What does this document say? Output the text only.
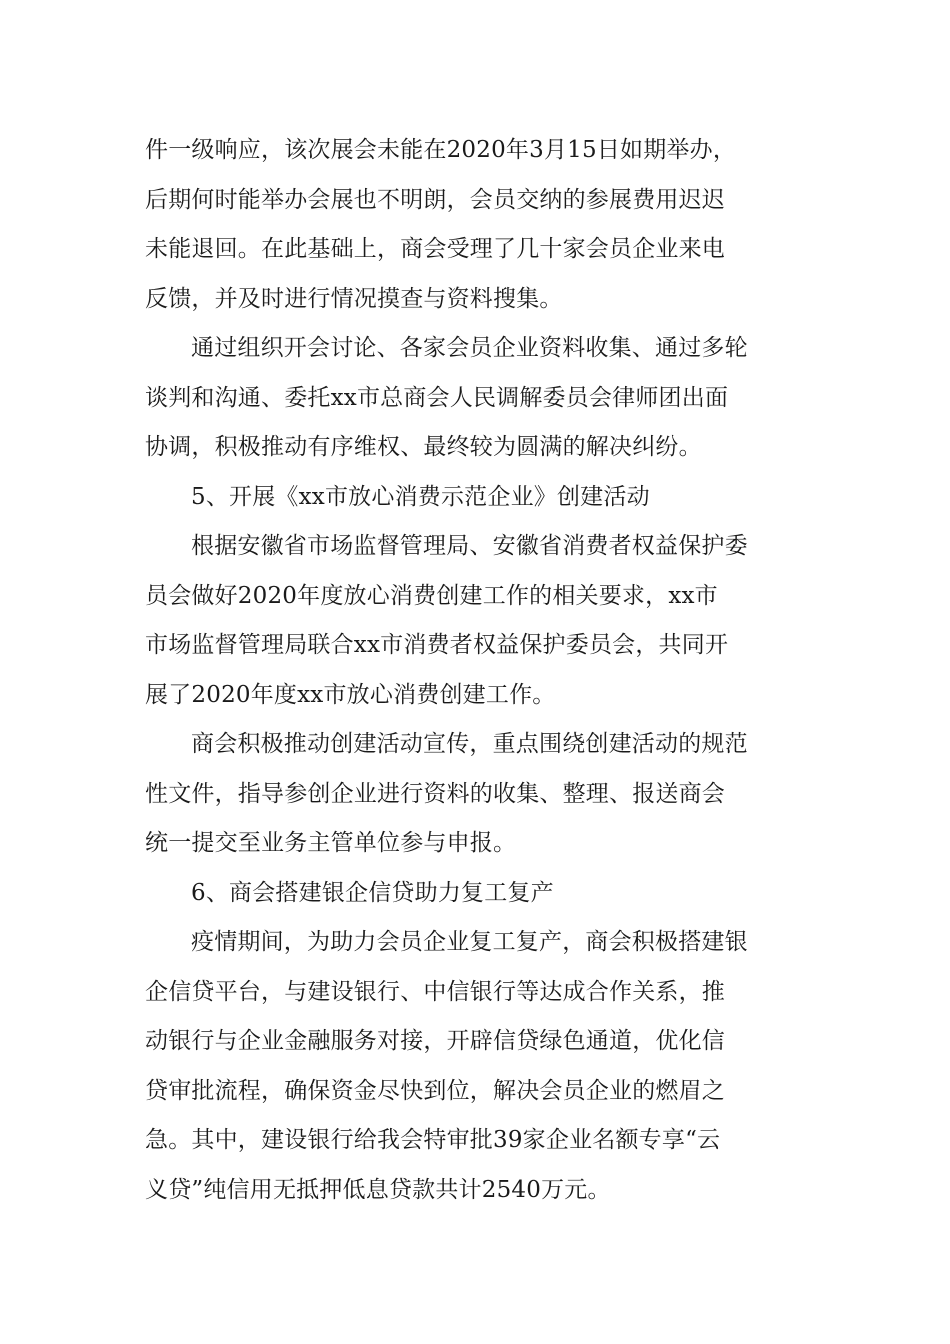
件一级响应，该次展会未能在2020年3月15日如期举办，
后期何时能举办会展也不明朗，会员交纳的参展费用迟迟
未能退回。在此基础上，商会受理了几十家会员企业来电
反馈，并及时进行情况摸查与资料搜集。
通过组织开会讨论、各家会员企业资料收集、通过多轮
谈判和沟通、委托xx市总商会人民调解委员会律师团出面
协调，积极推动有序维权、最终较为圆满的解决纠纷。
5、开展《xx市放心消费示范企业》创建活动
根据安徽省市场监督管理局、安徽省消费者权益保护委
员会做好2020年度放心消费创建工作的相关要求，xx市
市场监督管理局联合xx市消费者权益保护委员会，共同开
展了2020年度xx市放心消费创建工作。
商会积极推动创建活动宣传，重点围绕创建活动的规范
性文件，指导参创企业进行资料的收集、整理、报送商会
统一提交至业务主管单位参与申报。
6、商会搭建银企信贷助力复工复产
疫情期间，为助力会员企业复工复产，商会积极搭建银
企信贷平台，与建设银行、中信银行等达成合作关系，推
动银行与企业金融服务对接，开辟信贷绿色通道，优化信
贷审批流程，确保资金尽快到位，解决会员企业的燃眉之
急。其中，建设银行给我会特审批39家企业名额专享“云
义贷”纯信用无抵押低息贷款共计2540万元。
